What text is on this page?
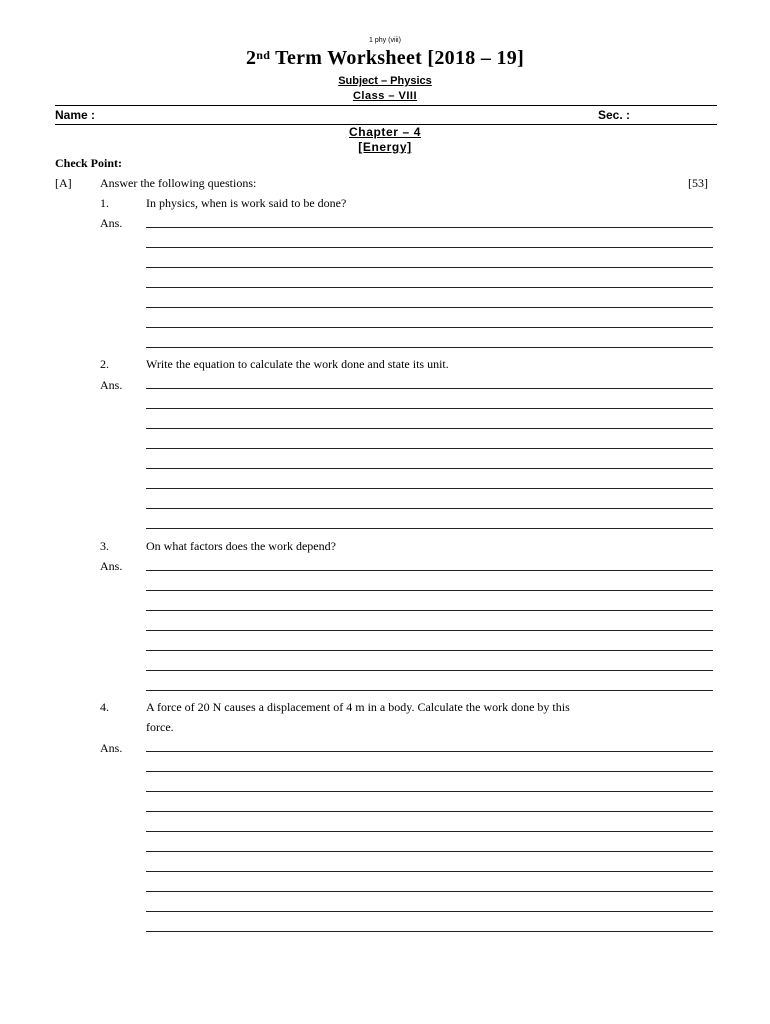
1 phy (viii)
2nd Term Worksheet [2018 – 19]
Subject – Physics
Class – VIII
Name :	Sec. :
Chapter – 4
[Energy]
Check Point:
[A] Answer the following questions:	[53]
1.	In physics, when is work said to be done?
Ans.
2.	Write the equation to calculate the work done and state its unit.
Ans.
3.	On what factors does the work depend?
Ans.
4.	A force of 20 N causes a displacement of 4 m in a body. Calculate the work done by this
force.
Ans.
